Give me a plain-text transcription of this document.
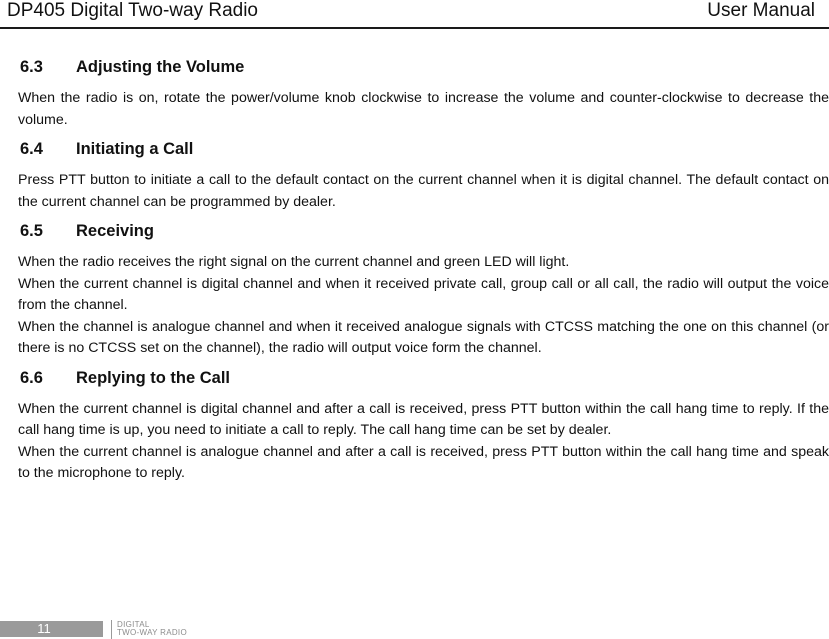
DP405 Digital Two-way Radio	User Manual
6.3	Adjusting the Volume

When the radio is on, rotate the power/volume knob clockwise to increase the volume and counter-clockwise to decrease the volume.

6.4	Initiating a Call

Press PTT button to initiate a call to the default contact on the current channel when it is digital channel. The default contact on the current channel can be programmed by dealer.

6.5	Receiving

When the radio receives the right signal on the current channel and green LED will light.

When the current channel is digital channel and when it received private call, group call or all call, the radio will output the voice from the channel.

When the channel is analogue channel and when it received analogue signals with CTCSS matching the one on this channel (or there is no CTCSS set on the channel), the radio will output voice form the channel.

6.6	Replying to the Call

When the current channel is digital channel and after a call is received, press PTT button within the call hang time to reply. If the call hang time is up, you need to initiate a call to reply. The call hang time can be set by dealer.

When the current channel is analogue channel and after a call is received, press PTT button within the call hang time and speak to the microphone to reply.

11	DIGITAL
TWO-WAY RADIO
